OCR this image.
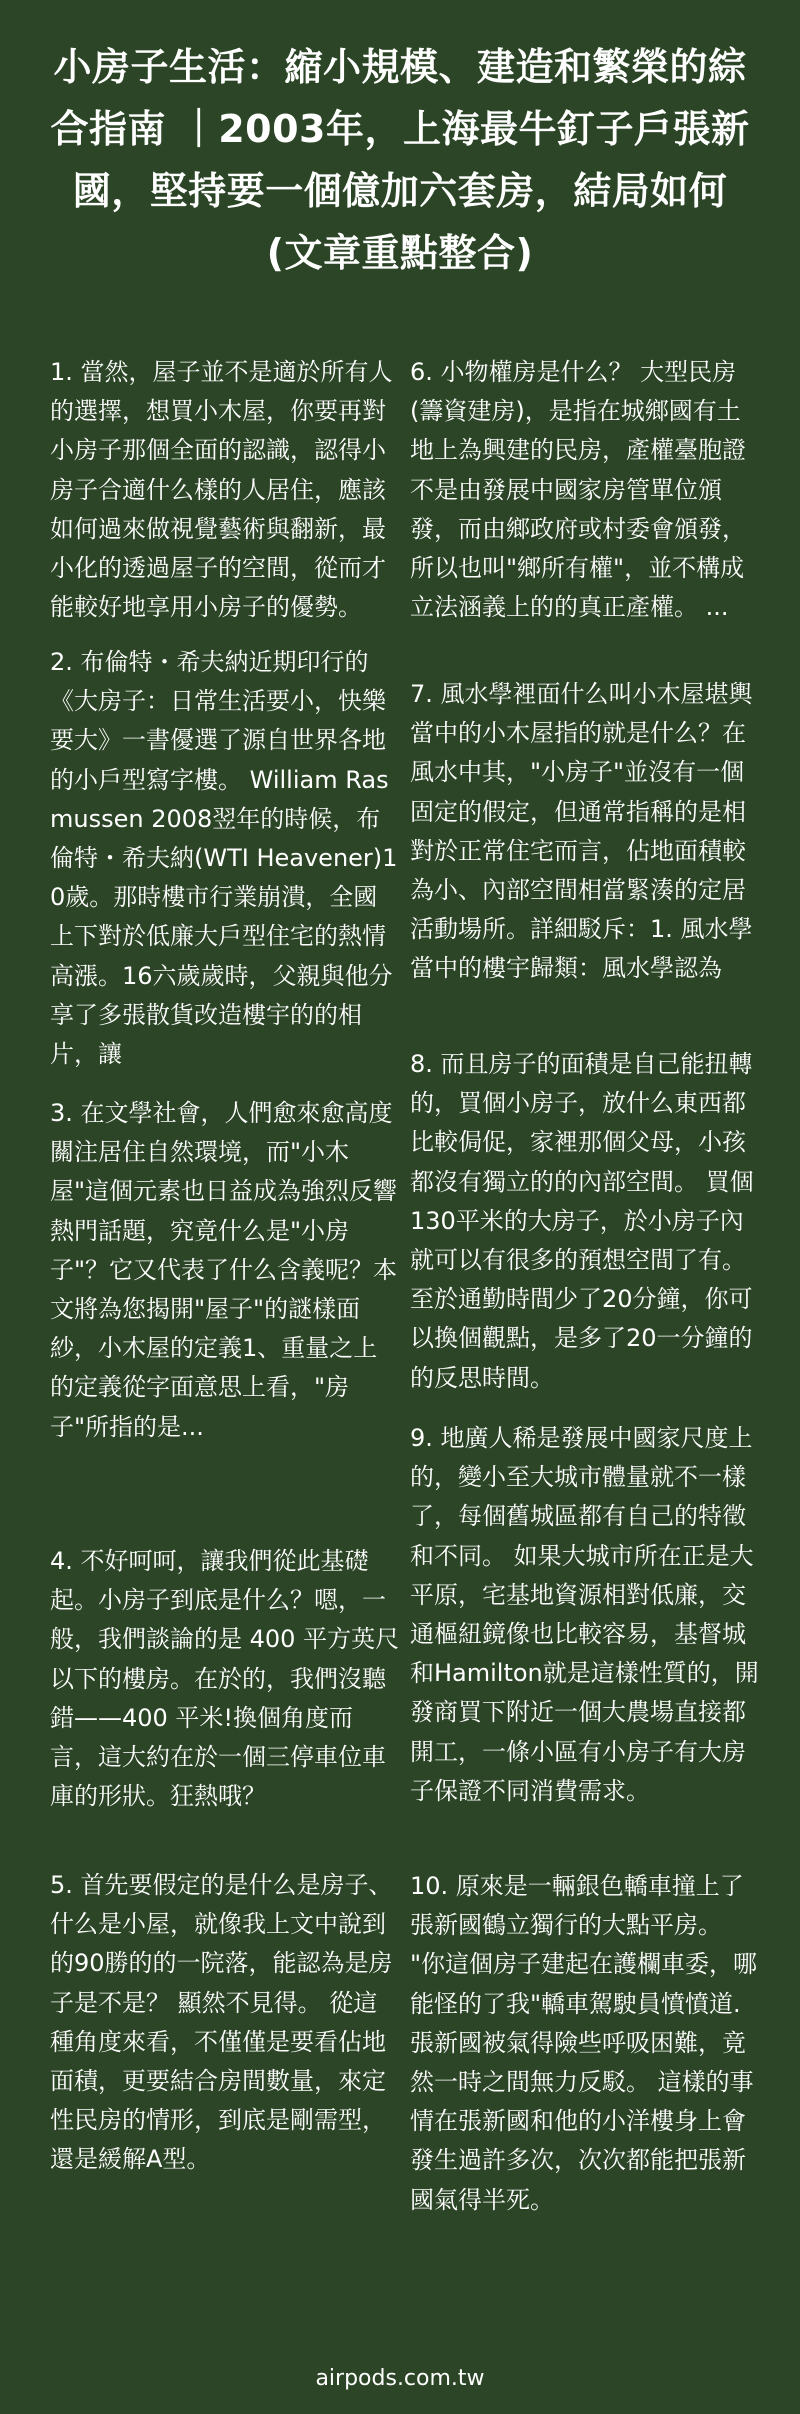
小房子生活：縮小規模、建造和繁榮的綜合指南 ｜2003年，上海最牛釘子戶張新國，堅持要一個億加六套房，結局如何 (文章重點整合)

1. 當然，屋子並不是適於所有人的選擇，想買小木屋，你要再對小房子那個全面的認識，認得小房子合適什么樣的人居住，應該如何過來做視覺藝術與翻新，最小化的透過屋子的空間，從而才能較好地享用小房子的優勢。

2. 布倫特・希夫納近期印行的《大房子：日常生活要小，快樂要大》一書優選了源自世界各地的小戶型寫字樓。 William Rasmussen 2008翌年的時候，布倫特・希夫納(WTI Heavener)10歲。那時樓市行業崩潰，全國上下對於低廉大戶型住宅的熱情高漲。16六歲歲時，父親與他分享了多張散貨改造樓宇的的相片，讓

3. 在文學社會，人們愈來愈高度關注居住自然環境，而"小木屋"這個元素也日益成為強烈反響熱門話題，究竟什么是"小房子"？它又代表了什么含義呢？本文將為您揭開"屋子"的謎樣面紗，小木屋的定義1、重量之上的定義從字面意思上看，"房子"所指的是...

4. 不好呵呵，讓我們從此基礎起。小房子到底是什么？嗯，一般，我們談論的是 400 平方英尺以下的樓房。在於的，我們沒聽錯——400 平米!換個角度而言，這大約在於一個三停車位車庫的形狀。狂熱哦？

5. 首先要假定的是什么是房子、什么是小屋，就像我上文中說到的90勝的的一院落，能認為是房子是不是？ 顯然不見得。 從這種角度來看，不僅僅是要看佔地面積，更要結合房間數量，來定性民房的情形，到底是剛需型，還是緩解A型。

6. 小物權房是什么？ 大型民房(籌資建房)，是指在城鄉國有土地上為興建的民房，產權臺胞證不是由發展中國家房管單位頒發，而由鄉政府或村委會頒發，所以也叫"鄉所有權"，並不構成立法涵義上的的真正產權。 ...

7. 風水學裡面什么叫小木屋堪輿當中的小木屋指的就是什么？在風水中其，"小房子"並沒有一個固定的假定，但通常指稱的是相對於正常住宅而言，佔地面積較為小、內部空間相當緊湊的定居活動場所。詳細駁斥：1. 風水學當中的樓宇歸類：風水學認為

8. 而且房子的面積是自己能扭轉的，買個小房子，放什么東西都比較侷促，家裡那個父母，小孩都沒有獨立的的內部空間。 買個130平米的大房子，於小房子內就可以有很多的預想空間了有。 至於通勤時間少了20分鐘，你可以換個觀點，是多了20一分鐘的的反思時間。

9. 地廣人稀是發展中國家尺度上的，變小至大城市體量就不一樣了，每個舊城區都有自己的特徵和不同。 如果大城市所在正是大平原，宅基地資源相對低廉，交通樞紐鏡像也比較容易，基督城和Hamilton就是這樣性質的，開發商買下附近一個大農場直接都開工，一條小區有小房子有大房子保證不同消費需求。

10. 原來是一輛銀色轎車撞上了張新國鶴立獨行的大點平房。 "你這個房子建起在護欄車委，哪能怪的了我"轎車駕駛員憤憤道. 張新國被氣得險些呼吸困難，竟然一時之間無力反駁。 這樣的事情在張新國和他的小洋樓身上會發生過許多次，次次都能把張新國氣得半死。

airpods.com.tw
